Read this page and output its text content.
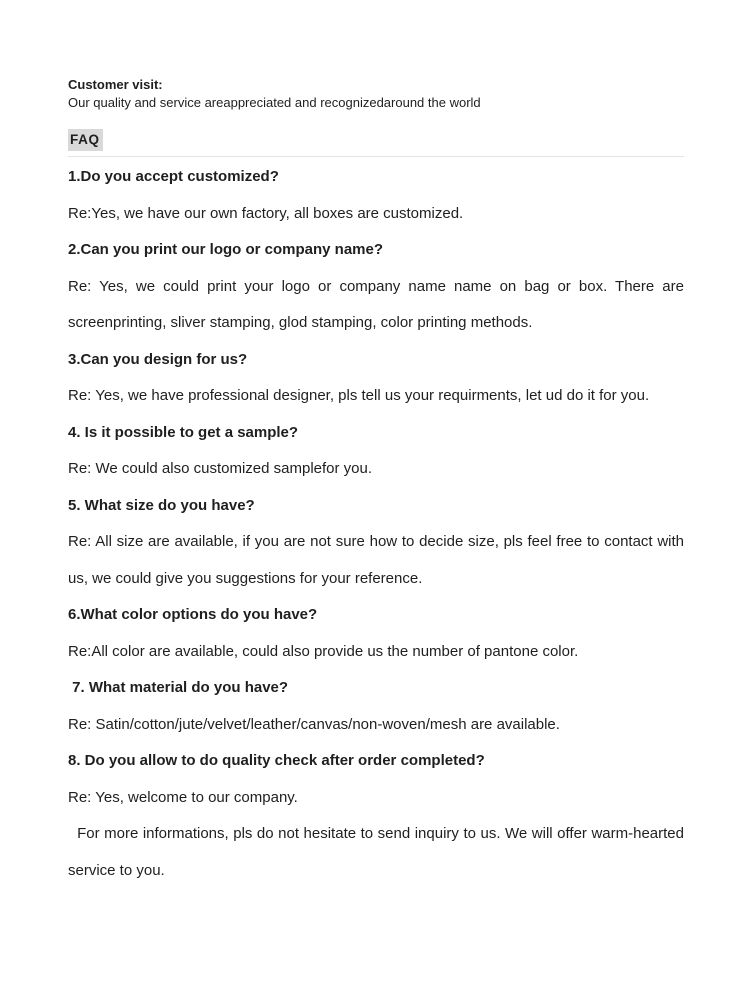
Customer visit:

Our quality and service areappreciated and recognizedaround the world

FAQ

1.Do you accept customized?

Re:Yes, we have our own factory, all boxes are customized.

2.Can you print our logo or company name?

Re: Yes, we could print your logo or company name name on bag or box. There are screenprinting, sliver stamping, glod stamping, color printing methods.

3.Can you design for us?

Re: Yes, we have professional designer, pls tell us your requirments, let ud do it for you.

4. Is it possible to get a sample?

Re: We could also customized samplefor you.

5. What size do you have?

Re: All size are available, if you are not sure how to decide size, pls feel free to contact with us, we could give you suggestions for your reference.

6.What color options do you have?

Re:All color are available, could also provide us the number of pantone color.

7. What material do you have?

Re: Satin/cotton/jute/velvet/leather/canvas/non-woven/mesh are available.

8. Do you allow to do quality check after order completed?

Re: Yes, welcome to our company.

For more informations, pls do not hesitate to send inquiry to us. We will offer warm-hearted service to you.
